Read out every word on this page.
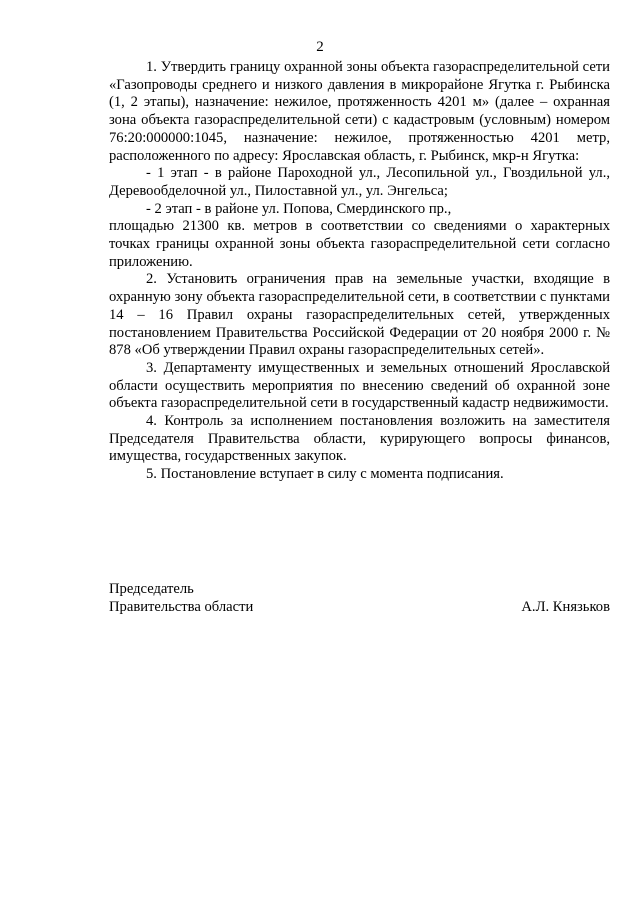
2

1. Утвердить границу охранной зоны объекта газораспределительной сети «Газопроводы среднего и низкого давления в микрорайоне Ягутка г. Рыбинска (1, 2 этапы), назначение: нежилое, протяженность 4201 м» (далее – охранная зона объекта газораспределительной сети) с кадастровым (условным) номером 76:20:000000:1045, назначение: нежилое, протяженностью 4201 метр, расположенного по адресу: Ярославская область, г. Рыбинск, мкр-н Ягутка:

- 1 этап - в районе Пароходной ул., Лесопильной ул., Гвоздильной ул., Деревообделочной ул., Пилоставной ул., ул. Энгельса;

- 2 этап - в районе ул. Попова, Смердинского пр.,

площадью 21300 кв. метров в соответствии со сведениями о характерных точках границы охранной зоны объекта газораспределительной сети согласно приложению.

2. Установить ограничения прав на земельные участки, входящие в охранную зону объекта газораспределительной сети, в соответствии с пунктами 14 – 16 Правил охраны газораспределительных сетей, утвержденных постановлением Правительства Российской Федерации от 20 ноября 2000 г. № 878 «Об утверждении Правил охраны газораспределительных сетей».

3. Департаменту имущественных и земельных отношений Ярославской области осуществить мероприятия по внесению сведений об охранной зоне объекта газораспределительной сети в государственный кадастр недвижимости.

4. Контроль за исполнением постановления возложить на заместителя Председателя Правительства области, курирующего вопросы финансов, имущества, государственных закупок.

5. Постановление вступает в силу с момента подписания.

Председатель
Правительства области	А.Л. Князьков
